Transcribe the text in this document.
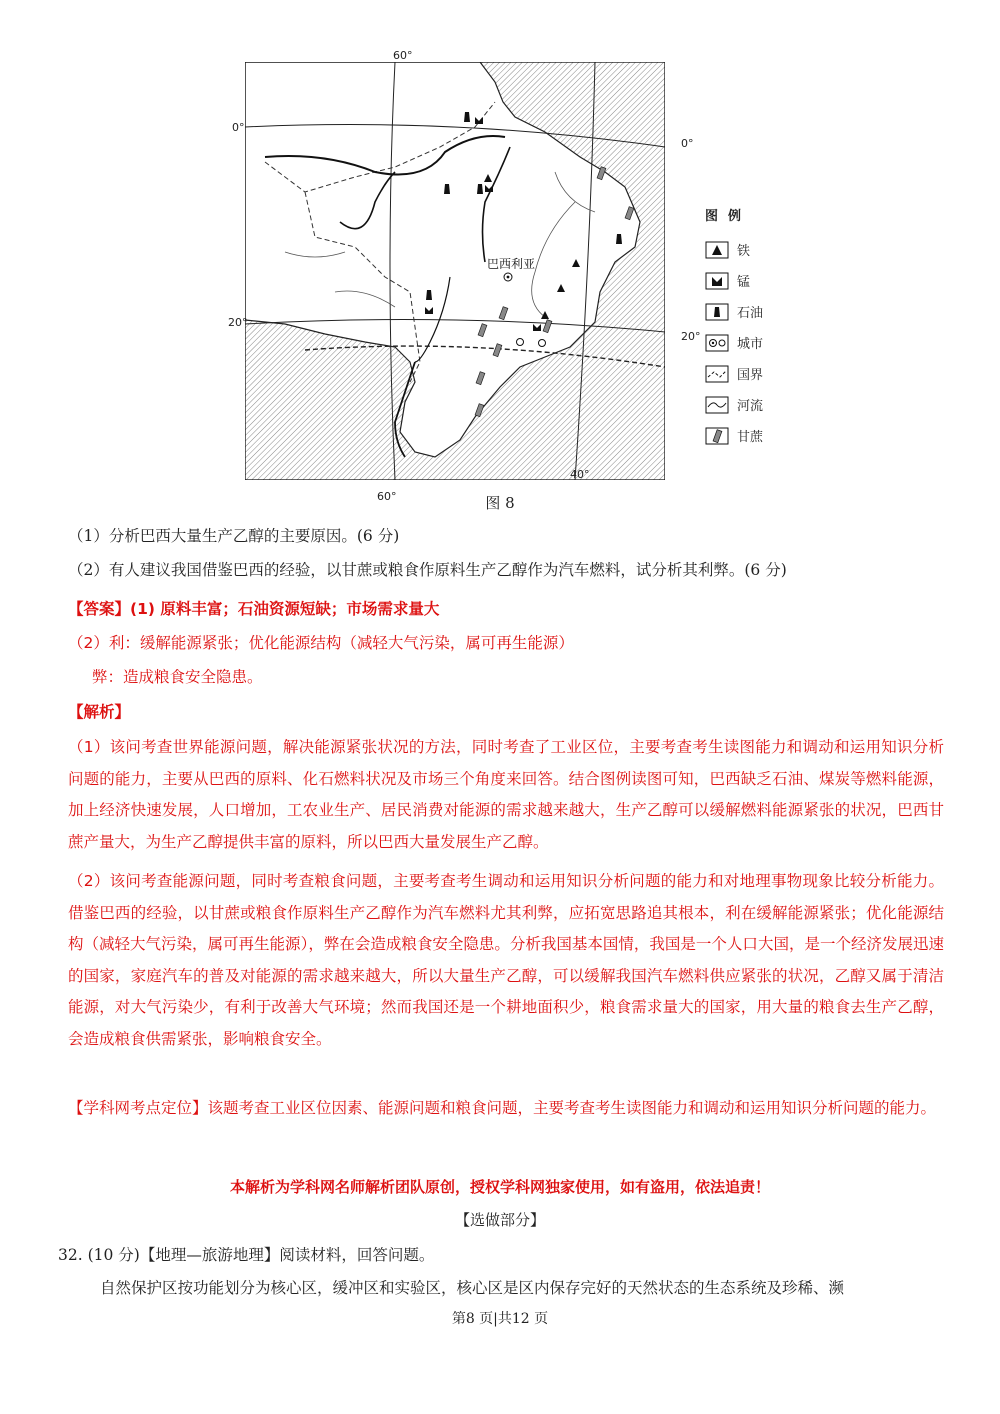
巴西利亚
60°
60°
40°
0°
0°
20°
20°
图例
铁
锰
石油
城市
国界
河流
甘蔗
图 8
（1）分析巴西大量生产乙醇的主要原因。(6 分)
（2）有人建议我国借鉴巴西的经验，以甘蔗或粮食作原料生产乙醇作为汽车燃料，试分析其利弊。(6 分)
【答案】(1) 原料丰富；石油资源短缺；市场需求量大
（2）利：缓解能源紧张；优化能源结构（减轻大气污染，属可再生能源）
弊：造成粮食安全隐患。
【解析】
（1）该问考查世界能源问题，解决能源紧张状况的方法，同时考查了工业区位，主要考查考生读图能力和调动和运用知识分析问题的能力，主要从巴西的原料、化石燃料状况及市场三个角度来回答。结合图例读图可知，巴西缺乏石油、煤炭等燃料能源，加上经济快速发展，人口增加，工农业生产、居民消费对能源的需求越来越大，生产乙醇可以缓解燃料能源紧张的状况，巴西甘蔗产量大，为生产乙醇提供丰富的原料，所以巴西大量发展生产乙醇。
（2）该问考查能源问题，同时考查粮食问题，主要考查考生调动和运用知识分析问题的能力和对地理事物现象比较分析能力。借鉴巴西的经验，以甘蔗或粮食作原料生产乙醇作为汽车燃料尤其利弊，应拓宽思路追其根本，利在缓解能源紧张；优化能源结构（减轻大气污染，属可再生能源），弊在会造成粮食安全隐患。分析我国基本国情，我国是一个人口大国，是一个经济发展迅速的国家，家庭汽车的普及对能源的需求越来越大，所以大量生产乙醇，可以缓解我国汽车燃料供应紧张的状况，乙醇又属于清洁能源，对大气污染少，有利于改善大气环境；然而我国还是一个耕地面积少，粮食需求量大的国家，用大量的粮食去生产乙醇，会造成粮食供需紧张，影响粮食安全。
【学科网考点定位】该题考查工业区位因素、能源问题和粮食问题，主要考查考生读图能力和调动和运用知识分析问题的能力。
本解析为学科网名师解析团队原创，授权学科网独家使用，如有盗用，依法追责！
【选做部分】
32. (10 分)【地理—旅游地理】阅读材料，回答问题。
自然保护区按功能划分为核心区，缓冲区和实验区，核心区是区内保存完好的天然状态的生态系统及珍稀、濒
第8 页|共12 页
